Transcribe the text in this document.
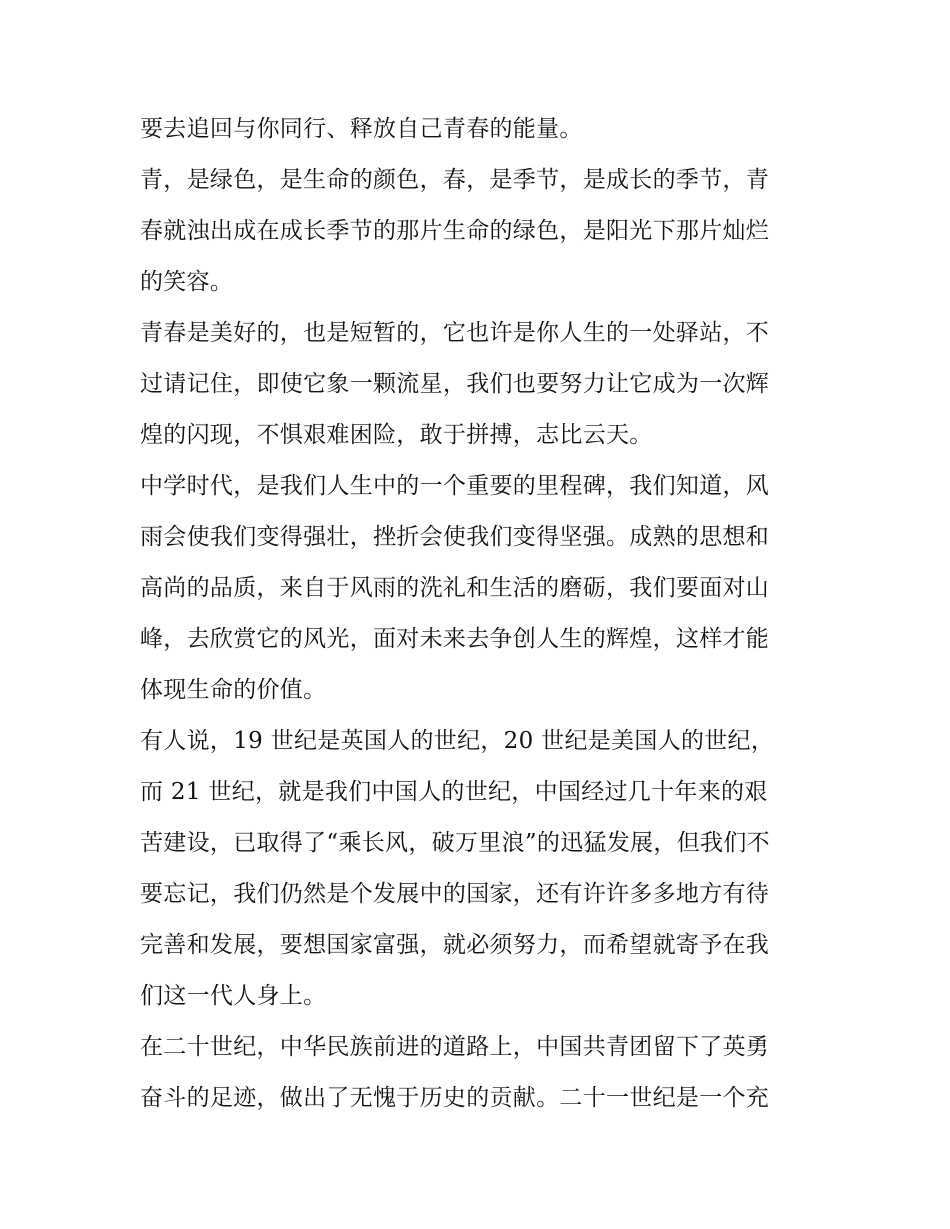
要去追回与你同行、释放自己青春的能量。
青，是绿色，是生命的颜色，春，是季节，是成长的季节，青
春就浊出成在成长季节的那片生命的绿色，是阳光下那片灿烂
的笑容。
青春是美好的，也是短暂的，它也许是你人生的一处驿站，不
过请记住，即使它象一颗流星，我们也要努力让它成为一次辉
煌的闪现，不惧艰难困险，敢于拼搏，志比云天。
中学时代，是我们人生中的一个重要的里程碑，我们知道，风
雨会使我们变得强壮，挫折会使我们变得坚强。成熟的思想和
高尚的品质，来自于风雨的洗礼和生活的磨砺，我们要面对山
峰，去欣赏它的风光，面对未来去争创人生的辉煌，这样才能
体现生命的价值。
有人说，19 世纪是英国人的世纪，20 世纪是美国人的世纪，
而 21 世纪，就是我们中国人的世纪，中国经过几十年来的艰
苦建设，已取得了“乘长风，破万里浪”的迅猛发展，但我们不
要忘记，我们仍然是个发展中的国家，还有许许多多地方有待
完善和发展，要想国家富强，就必须努力，而希望就寄予在我
们这一代人身上。
在二十世纪，中华民族前进的道路上，中国共青团留下了英勇
奋斗的足迹，做出了无愧于历史的贡献。二十一世纪是一个充
